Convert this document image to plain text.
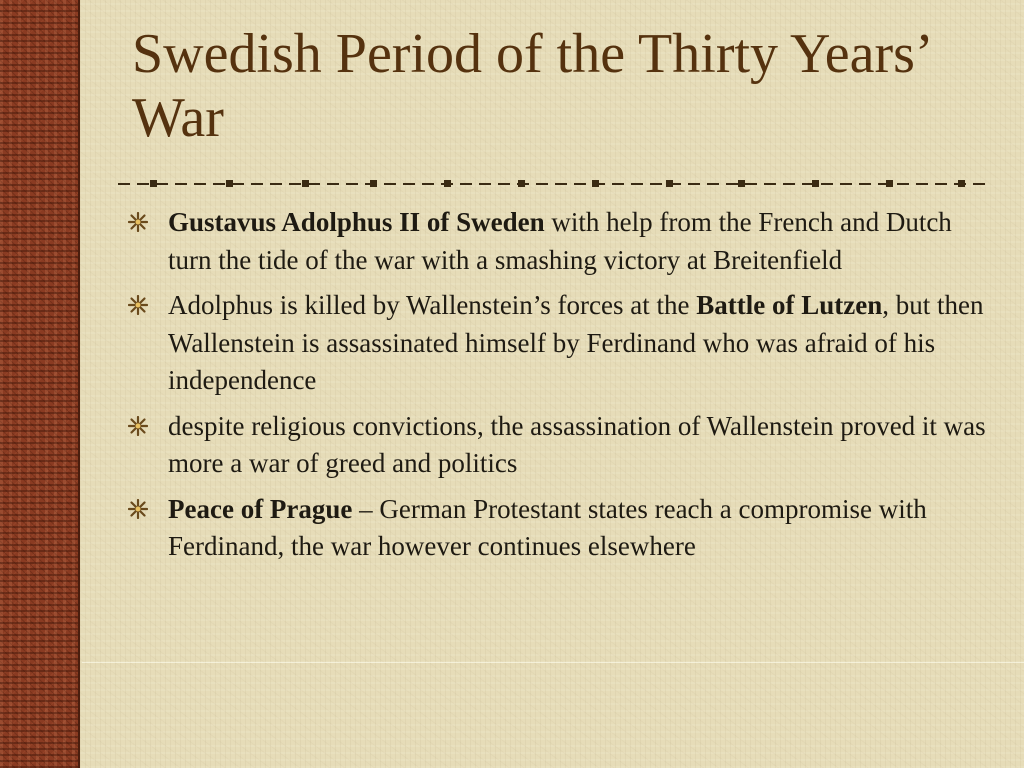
Swedish Period of the Thirty Years’ War
Gustavus Adolphus II of Sweden with help from the French and Dutch turn the tide of the war with a smashing victory at Breitenfield
Adolphus is killed by Wallenstein’s forces at the Battle of Lutzen, but then Wallenstein is assassinated himself by Ferdinand who was afraid of his independence
despite religious convictions, the assassination of Wallenstein proved it was more a war of greed and politics
Peace of Prague – German Protestant states reach a compromise with Ferdinand, the war however continues elsewhere
